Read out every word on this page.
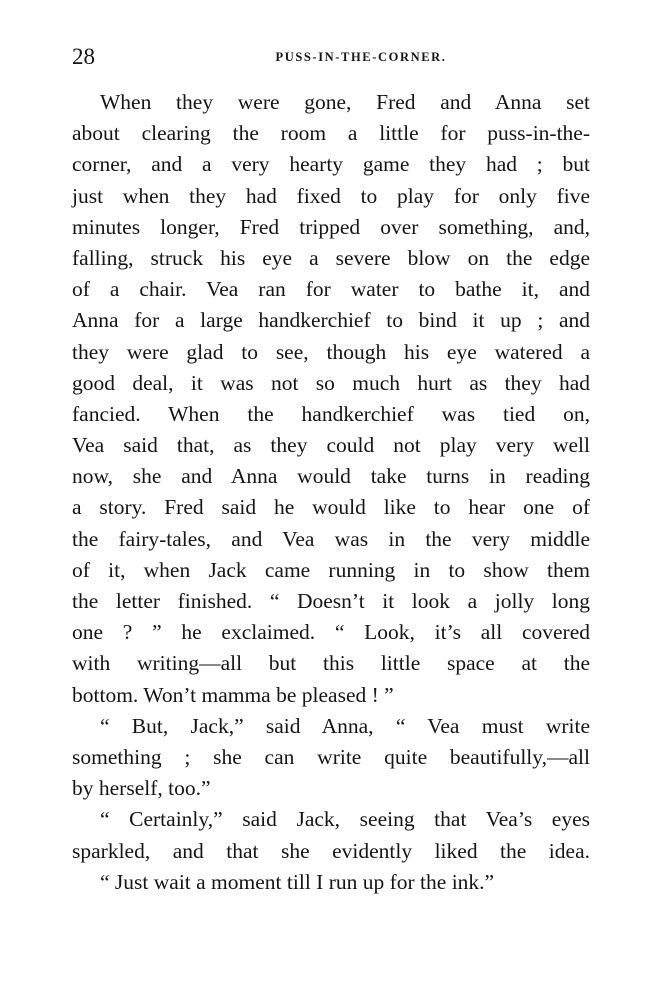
28	PUSS-IN-THE-CORNER.
When they were gone, Fred and Anna set
about clearing the room a little for puss-in-the-
corner, and a very hearty game they had ; but
just when they had fixed to play for only five
minutes longer, Fred tripped over something, and,
falling, struck his eye a severe blow on the edge
of a chair. Vea ran for water to bathe it, and
Anna for a large handkerchief to bind it up ; and
they were glad to see, though his eye watered a
good deal, it was not so much hurt as they had
fancied. When the handkerchief was tied on,
Vea said that, as they could not play very well
now, she and Anna would take turns in reading
a story. Fred said he would like to hear one of
the fairy-tales, and Vea was in the very middle
of it, when Jack came running in to show them
the letter finished. “ Doesn’t it look a jolly long
one ? ” he exclaimed. “ Look, it’s all covered
with writing—all but this little space at the
bottom. Won’t mamma be pleased ! ”
“ But, Jack,” said Anna, “ Vea must write
something ; she can write quite beautifully,—all
by herself, too.”
“ Certainly,” said Jack, seeing that Vea’s eyes
sparkled, and that she evidently liked the idea.
“ Just wait a moment till I run up for the ink.”
